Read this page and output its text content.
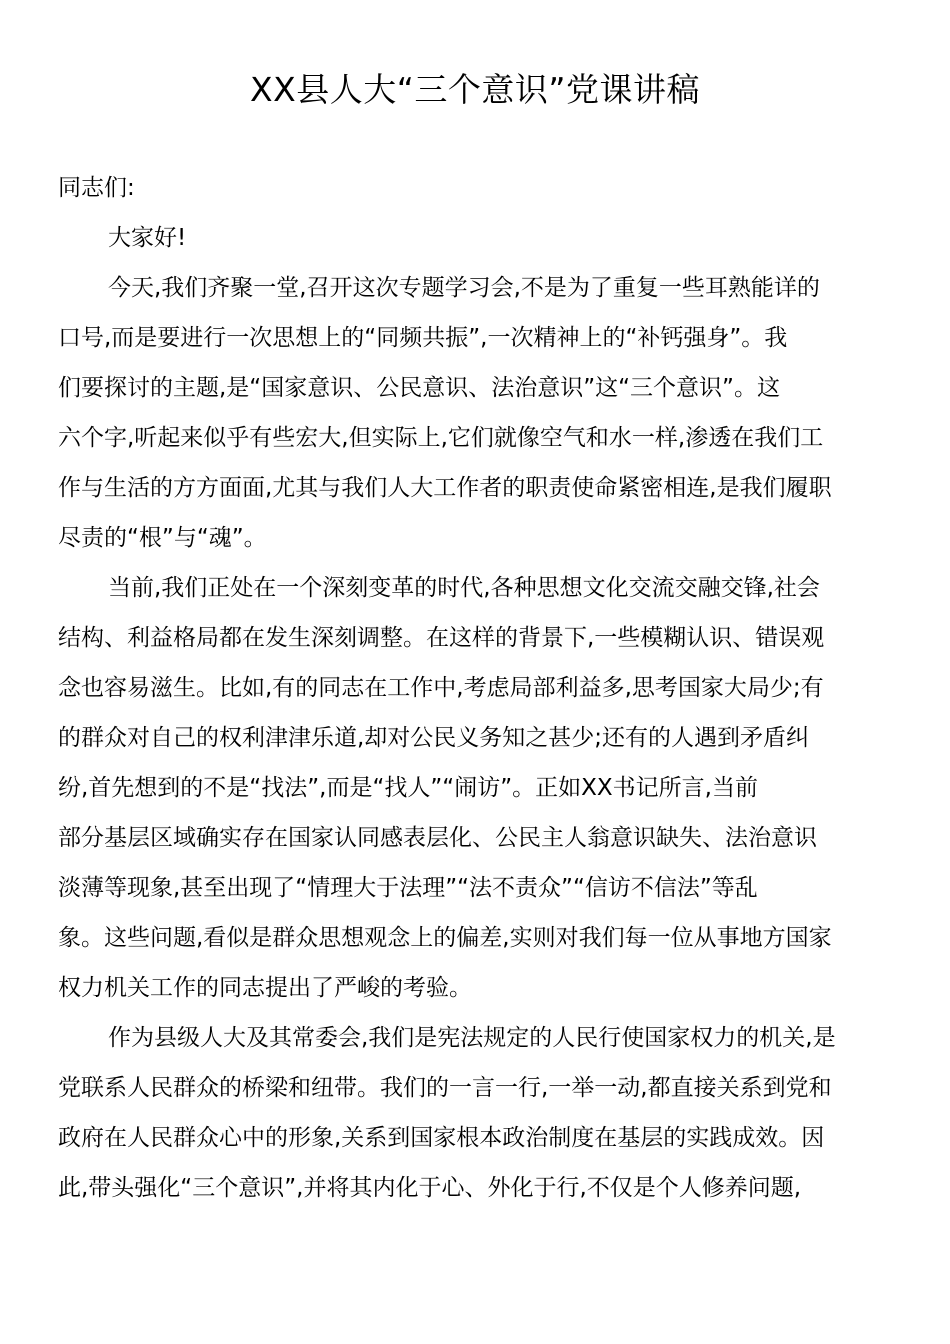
XX县人大“三个意识”党课讲稿
同志们:
大家好!
今天,我们齐聚一堂,召开这次专题学习会,不是为了重复一些耳熟能详的
口号,而是要进行一次思想上的“同频共振”,一次精神上的“补钙强身”。我
们要探讨的主题,是“国家意识、公民意识、法治意识”这“三个意识”。这
六个字,听起来似乎有些宏大,但实际上,它们就像空气和水一样,渗透在我们工
作与生活的方方面面,尤其与我们人大工作者的职责使命紧密相连,是我们履职
尽责的“根”与“魂”。
当前,我们正处在一个深刻变革的时代,各种思想文化交流交融交锋,社会
结构、利益格局都在发生深刻调整。在这样的背景下,一些模糊认识、错误观
念也容易滋生。比如,有的同志在工作中,考虑局部利益多,思考国家大局少;有
的群众对自己的权利津津乐道,却对公民义务知之甚少;还有的人遇到矛盾纠
纷,首先想到的不是“找法”,而是“找人”“闹访”。正如XX书记所言,当前
部分基层区域确实存在国家认同感表层化、公民主人翁意识缺失、法治意识
淡薄等现象,甚至出现了“情理大于法理”“法不责众”“信访不信法”等乱
象。这些问题,看似是群众思想观念上的偏差,实则对我们每一位从事地方国家
权力机关工作的同志提出了严峻的考验。
作为县级人大及其常委会,我们是宪法规定的人民行使国家权力的机关,是
党联系人民群众的桥梁和纽带。我们的一言一行,一举一动,都直接关系到党和
政府在人民群众心中的形象,关系到国家根本政治制度在基层的实践成效。因
此,带头强化“三个意识”,并将其内化于心、外化于行,不仅是个人修养问题,
